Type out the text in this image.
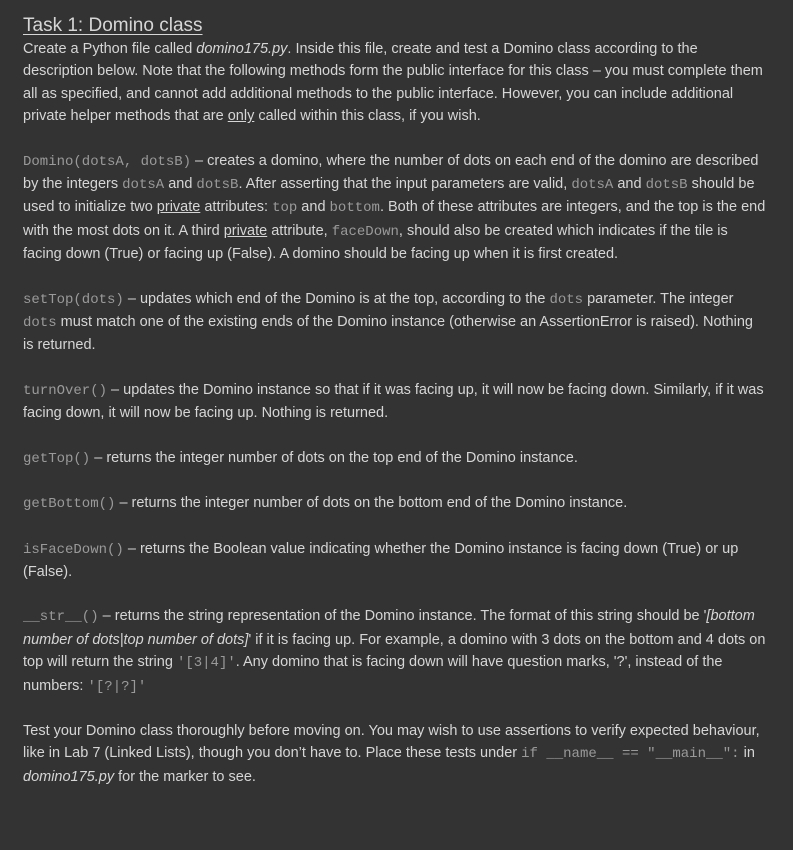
Task 1: Domino class

Create a Python file called domino175.py. Inside this file, create and test a Domino class according to the description below. Note that the following methods form the public interface for this class – you must complete them all as specified, and cannot add additional methods to the public interface. However, you can include additional private helper methods that are only called within this class, if you wish.

Domino(dotsA, dotsB) – creates a domino, where the number of dots on each end of the domino are described by the integers dotsA and dotsB. After asserting that the input parameters are valid, dotsA and dotsB should be used to initialize two private attributes: top and bottom. Both of these attributes are integers, and the top is the end with the most dots on it. A third private attribute, faceDown, should also be created which indicates if the tile is facing down (True) or facing up (False). A domino should be facing up when it is first created.

setTop(dots) – updates which end of the Domino is at the top, according to the dots parameter. The integer dots must match one of the existing ends of the Domino instance (otherwise an AssertionError is raised). Nothing is returned.

turnOver() – updates the Domino instance so that if it was facing up, it will now be facing down. Similarly, if it was facing down, it will now be facing up. Nothing is returned.

getTop() – returns the integer number of dots on the top end of the Domino instance.

getBottom() – returns the integer number of dots on the bottom end of the Domino instance.

isFaceDown() – returns the Boolean value indicating whether the Domino instance is facing down (True) or up (False).

__str__() – returns the string representation of the Domino instance. The format of this string should be '[bottom number of dots|top number of dots]' if it is facing up. For example, a domino with 3 dots on the bottom and 4 dots on top will return the string '[3|4]'. Any domino that is facing down will have question marks, '?', instead of the numbers: '[?|?]'

Test your Domino class thoroughly before moving on. You may wish to use assertions to verify expected behaviour, like in Lab 7 (Linked Lists), though you don’t have to. Place these tests under if __name__ == "__main__": in domino175.py for the marker to see.
